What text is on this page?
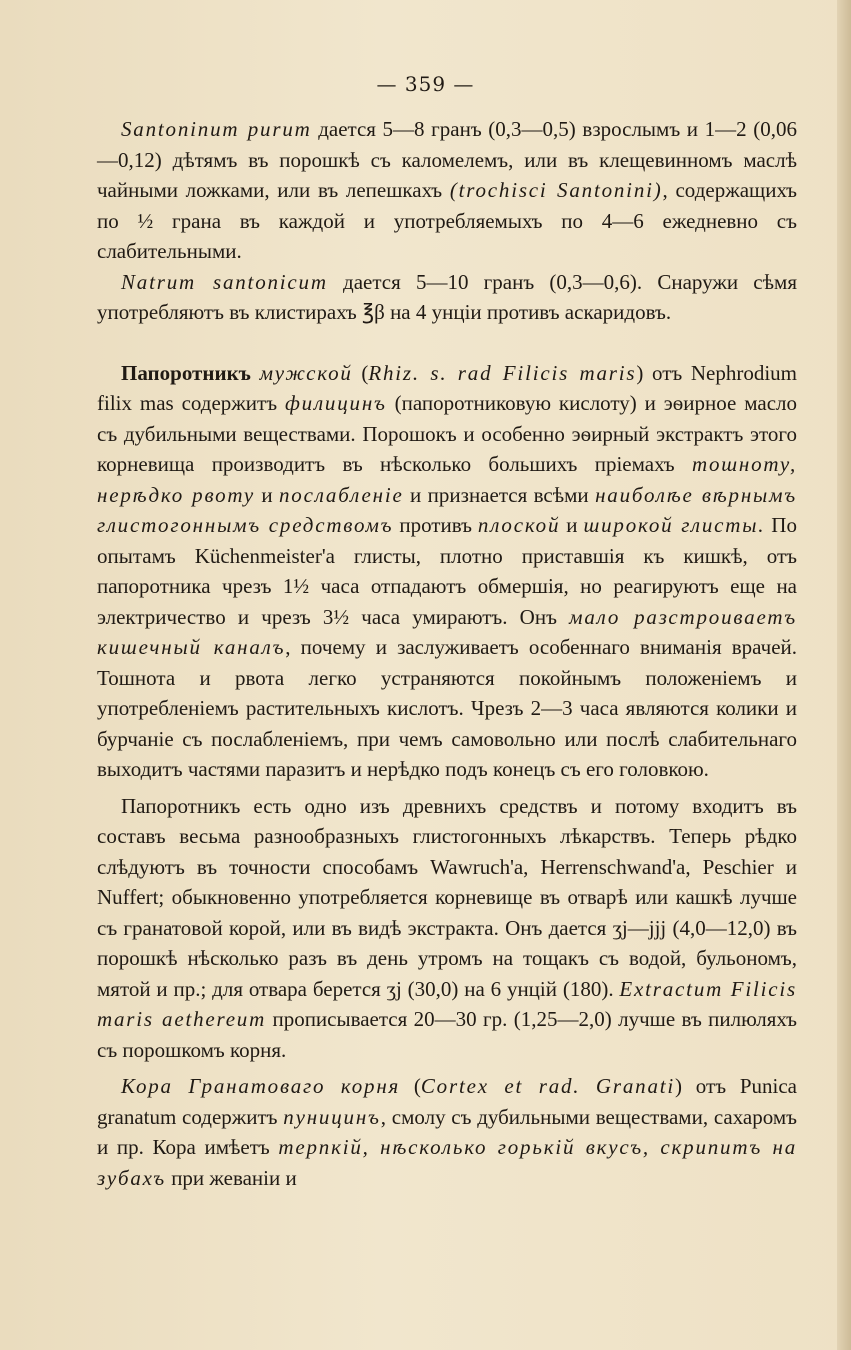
— 359 —

Santoninum purum дается 5—8 гранъ (0,3—0,5) взрослымъ и 1—2 (0,06—0,12) дѣтямъ въ порошкѣ съ каломелемъ, или въ клещевинномъ маслѣ чайными ложками, или въ лепешкахъ (trochisci Santonini), содержащихъ по ½ грана въ каждой и употребляемыхъ по 4—6 ежедневно съ слабительными.

Natrum santonicum дается 5—10 гранъ (0,3—0,6). Снаружи сѣмя употребляютъ въ клистирахъ ℥β на 4 унціи противъ аскаридовъ.

Папоротникъ мужской (Rhiz. s. rad Filicis maris) отъ Nephrodium filix mas содержитъ филицинъ (папоротниковую кислоту) и эѳирное масло съ дубильными веществами. Порошокъ и особенно эѳирный экстрактъ этого корневища производитъ въ нѣсколько большихъ пріемахъ тошноту, нерѣдко рвоту и послабленіе и признается всѣми наиболѣе вѣрнымъ глистогоннымъ средствомъ противъ плоской и широкой глисты. По опытамъ Küchenmeister'а глисты, плотно приставшія къ кишкѣ, отъ папоротника чрезъ 1½ часа отпадаютъ обмершія, но реагируютъ еще на электричество и чрезъ 3½ часа умираютъ. Онъ мало разстроиваетъ кишечный каналъ, почему и заслуживаетъ особеннаго вниманія врачей. Тошнота и рвота легко устраняются покойнымъ положеніемъ и употребленіемъ растительныхъ кислотъ. Чрезъ 2—3 часа являются колики и бурчаніе съ послабленіемъ, при чемъ самовольно или послѣ слабительнаго выходитъ частями паразитъ и нерѣдко подъ конецъ съ его головкою.

Папоротникъ есть одно изъ древнихъ средствъ и потому входитъ въ составъ весьма разнообразныхъ глистогонныхъ лѣкарствъ. Теперь рѣдко слѣдуютъ въ точности способамъ Wawruch'а, Herrenschwand'а, Peschier и Nuffert; обыкновенно употребляется корневище въ отварѣ или кашкѣ лучше съ гранатовой корой, или въ видѣ экстракта. Онъ дается ʒj—jjj (4,0—12,0) въ порошкѣ нѣсколько разъ въ день утромъ на тощакъ съ водой, бульономъ, мятой и пр.; для отвара берется ʒj (30,0) на 6 унцій (180). Extractum Filicis maris aethereum прописывается 20—30 гр. (1,25—2,0) лучше въ пилюляхъ съ порошкомъ корня.

Кора Гранатоваго корня (Cortex et rad. Granati) отъ Punica granatum содержитъ пуницинъ, смолу съ дубильными веществами, сахаромъ и пр. Кора имѣетъ терпкій, нѣсколько горькій вкусъ, скрипитъ на зубахъ при жеваніи и
